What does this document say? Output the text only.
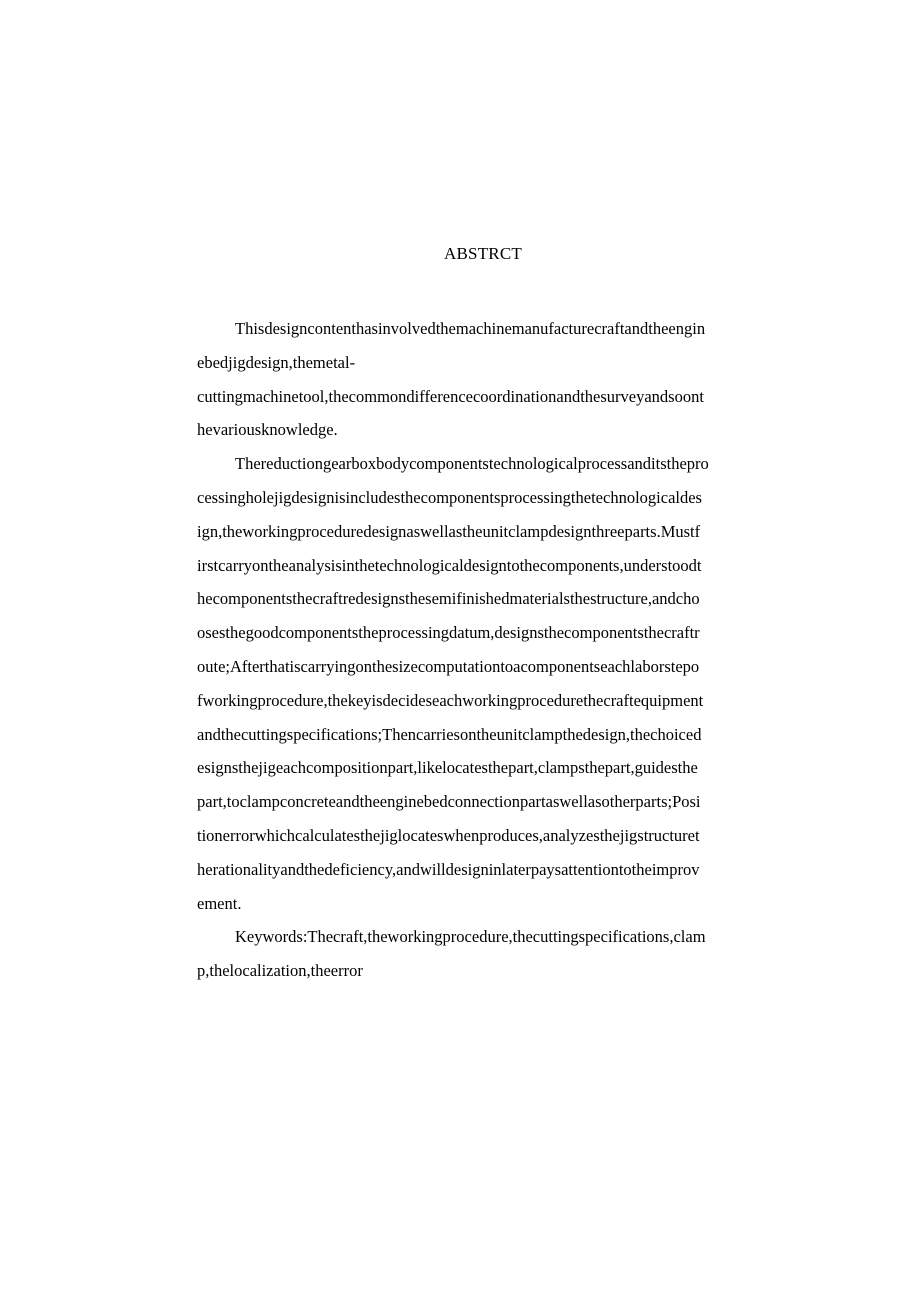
ABSTRCT

Thisdesigncontenthasinvolvedthemachinemanufacturecraftandtheengin
ebedjigdesign,themetal-
cuttingmachinetool,thecommondifferencecoordinationandthesurveyandsoont
hevariousknowledge.

Thereductiongearboxbodycomponentstechnologicalprocessanditsthepro
cessingholejigdesignisincludesthecomponentsprocessingthetechnologicaldes
ign,theworkingproceduredesignaswellastheunitclampdesignthreeparts.Mustf
irstcarryontheanalysisinthetechnologicaldesigntothecomponents,understoodt
hecomponentsthecraftredesignsthesemifinishedmaterialsthestructure,andcho
osesthegoodcomponentstheprocessingdatum,designsthecomponentsthecraftr
oute;Afterthatiscarryingonthesizecomputationtoacomponentseachlaborstepo
fworkingprocedure,thekeyisdecideseachworkingprocedurethecraftequipment
andthecuttingspecifications;Thencarriesontheunitclampthedesign,thechoiced
esignsthejigeachcompositionpart,likelocatesthepart,clampsthepart,guidesthe
part,toclampconcreteandtheenginebedconnectionpartaswellasotherparts;Posi
tionerrorwhichcalculatesthejiglocateswhenproduces,analyzesthejigstructuret
herationalityandthedeficiency,andwilldesigninlaterpaysattentiontotheimprov
ement.

Keywords:Thecraft,theworkingprocedure,thecuttingspecifications,clam
p,thelocalization,theerror
